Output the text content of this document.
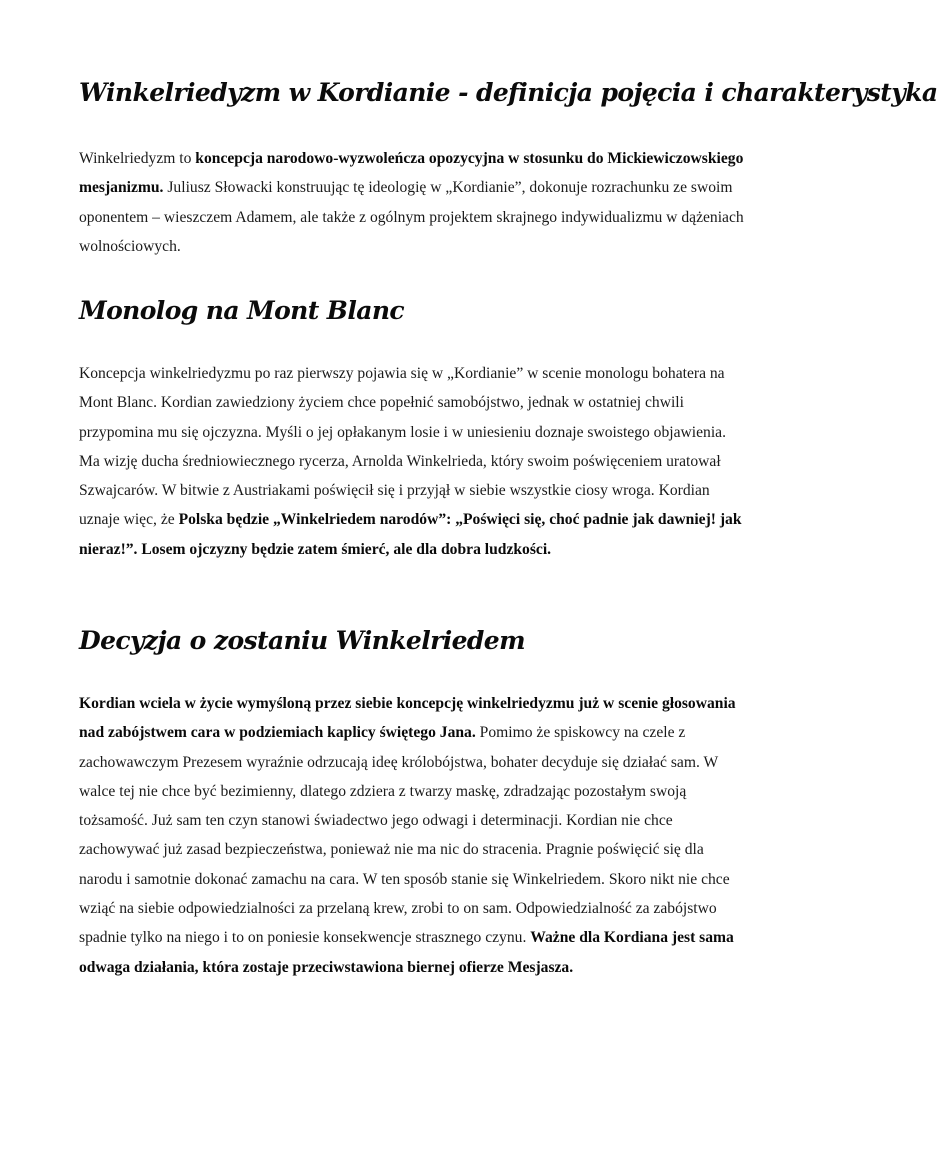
Winkelriedyzm w Kordianie - definicja pojęcia i charakterystyka

Winkelriedyzm to koncepcja narodowo-wyzwoleńcza opozycyjna w stosunku do Mickiewiczowskiego mesjanizmu. Juliusz Słowacki konstruując tę ideologię w „Kordianie”, dokonuje rozrachunku ze swoim oponentem – wieszczem Adamem, ale także z ogólnym projektem skrajnego indywidualizmu w dążeniach wolnościowych.

Monolog na Mont Blanc

Koncepcja winkelriedyzmu po raz pierwszy pojawia się w „Kordianie” w scenie monologu bohatera na Mont Blanc. Kordian zawiedziony życiem chce popełnić samobójstwo, jednak w ostatniej chwili przypomina mu się ojczyzna. Myśli o jej opłakanym losie i w uniesieniu doznaje swoistego objawienia. Ma wizję ducha średniowiecznego rycerza, Arnolda Winkelrieda, który swoim poświęceniem uratował Szwajcarów. W bitwie z Austriakami poświęcił się i przyjął w siebie wszystkie ciosy wroga. Kordian uznaje więc, że Polska będzie „Winkelriedem narodów”: „Poświęci się, choć padnie jak dawniej! jak nieraz!”. Losem ojczyzny będzie zatem śmierć, ale dla dobra ludzkości.

Decyzja o zostaniu Winkelriedem

Kordian wciela w życie wymyśloną przez siebie koncepcję winkelriedyzmu już w scenie głosowania nad zabójstwem cara w podziemiach kaplicy świętego Jana. Pomimo że spiskowcy na czele z zachowawczym Prezesem wyraźnie odrzucają ideę królobójstwa, bohater decyduje się działać sam. W walce tej nie chce być bezimienny, dlatego zdziera z twarzy maskę, zdradzając pozostałym swoją tożsamość. Już sam ten czyn stanowi świadectwo jego odwagi i determinacji. Kordian nie chce zachowywać już zasad bezpieczeństwa, ponieważ nie ma nic do stracenia. Pragnie poświęcić się dla narodu i samotnie dokonać zamachu na cara. W ten sposób stanie się Winkelriedem. Skoro nikt nie chce wziąć na siebie odpowiedzialności za przelaną krew, zrobi to on sam. Odpowiedzialność za zabójstwo spadnie tylko na niego i to on poniesie konsekwencje strasznego czynu. Ważne dla Kordiana jest sama odwaga działania, która zostaje przeciwstawiona biernej ofierze Mesjasza.
